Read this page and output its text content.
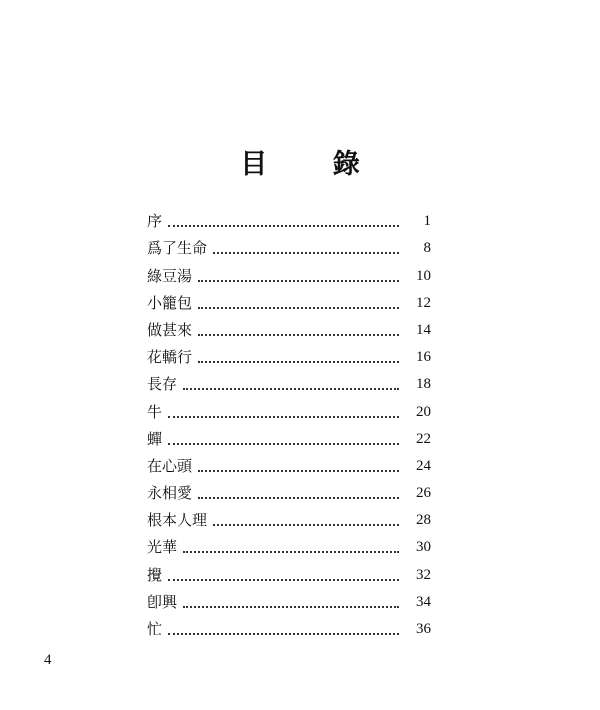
目 錄
序	1
爲了生命	8
綠豆湯	10
小籠包	12
做甚來	14
花轎行	16
長存	18
牛	20
蟬	22
在心頭	24
永相愛	26
根本人理	28
光華	30
攪	32
卽興	34
忙	36
4
